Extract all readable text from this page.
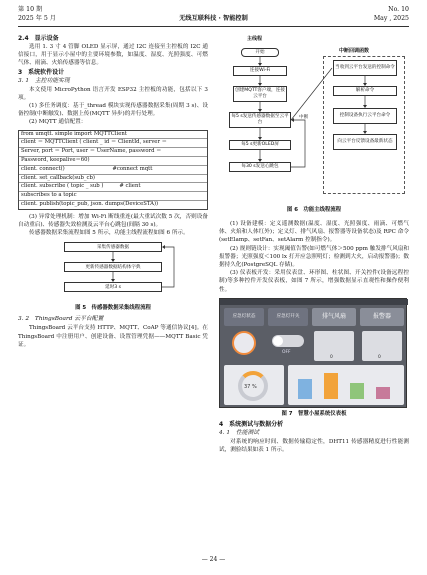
第 10 期
2025 年 5 月	无线互联科技 · 智能控制
No. 10
May , 2025
2.4　显示设备

选用 1. 3 寸 4 管脚 OLED 显示屏，通过 I2C 连接至主控板的 I2C 通信接口，用于显示小屋中的主要环境参数，如温度、湿度、光照强度、可燃气体、雨滴、火焰传感器等信息。

3　系统软件设计
3. 1　主控功能实现

本文使用 MicroPython 语言开发 ESP32 主控板的功能，包括以下 3 项。

(1) 多任务调度：基于_thread 模块实现传感器数据采集(周期 3 s)、设备控制(中断触发)、数据上传(MQTT 异步)的并行处理。

(2) MQTT 通信配置：

from umqtt. simple import MQTTClient
client ＝ MQTTClient ( client _ id ＝ ClientId, server ＝
Server, port ＝ Port, user ＝ UserName, password ＝
Password, keepalive＝60)
client. connect()　　　　　　　　　#connect mqtt
client. set_callback(sub_cb)
client. subscribe ( topic _ sub )　　　# client
subscribes to a topic
client. publish(topic_pub, json. dumps(DeviceSTA))

(3) 异常处理机制：增加 Wi-Fi 断线重连(最大重试次数 5 次，否则设备自动重启)、传感器失效检测及云平台心跳包(间隔 30 s)。

传感器数据采集流程如图 5 所示，功能主线程流程如图 6 所示。

采集传感器数据
更新传感器数据结构体字典
延时3 s
图 5　传感器数据采集线程流程
3. 2　ThingsBoard 云平台配置

ThingsBoard 云平台支持 HTTP、MQTT、CoAP 等通信协议[4]。在 ThingsBoard 中注册用户、创建设备、设置管理凭据——MQTT Basic 凭证。

主线程
中断回调函数
开始
连接Wi-Fi
创建MQTT客户端，连接云平台
每5 s发送传感器数据至云平台
每5 s更新OLED屏
每30 s发送心跳包
中断
当收到云平台发送的控制命令
解析命令
控制设备执行云平台命令
向云平台反馈设备最新状态
图 6　功能主线程流程

(1) 设备建模：定义遥测数据(温度、湿度、光照强度、雨滴、可燃气体、火焰和人体红外)；定义灯、排气风扇、报警器等设备状态)及 RPC 命令(setElamp、setFan、setAlarm 控制指令)。

(2) 规则链设计：实现阈值告警(如可燃气体＞500 ppm 触发排气风扇和报警器；光照强度＜100 lx 打开应急照明灯；检测到大火，启动报警器)；数据持久化(PostgreSQL 存储)。

(3) 仪表板开发：采用仪表盘、环形图、柱状图、开关控件(设备远程控制)等多种控件开发仪表板，如图 7 所示，增强数据显示直观性和操作便利性。

应急灯状态	应急灯开关	排气风扇	报警器
OFF
0	0
37 %
图 7　智慧小屋系统仪表板
4　系统测试与数据分析
4. 1　性能测试

对系统的响应时间、数据传输稳定性，DHT11 传感器精度进行性能测试，测验结果如表 1 所示。

— 24 —
